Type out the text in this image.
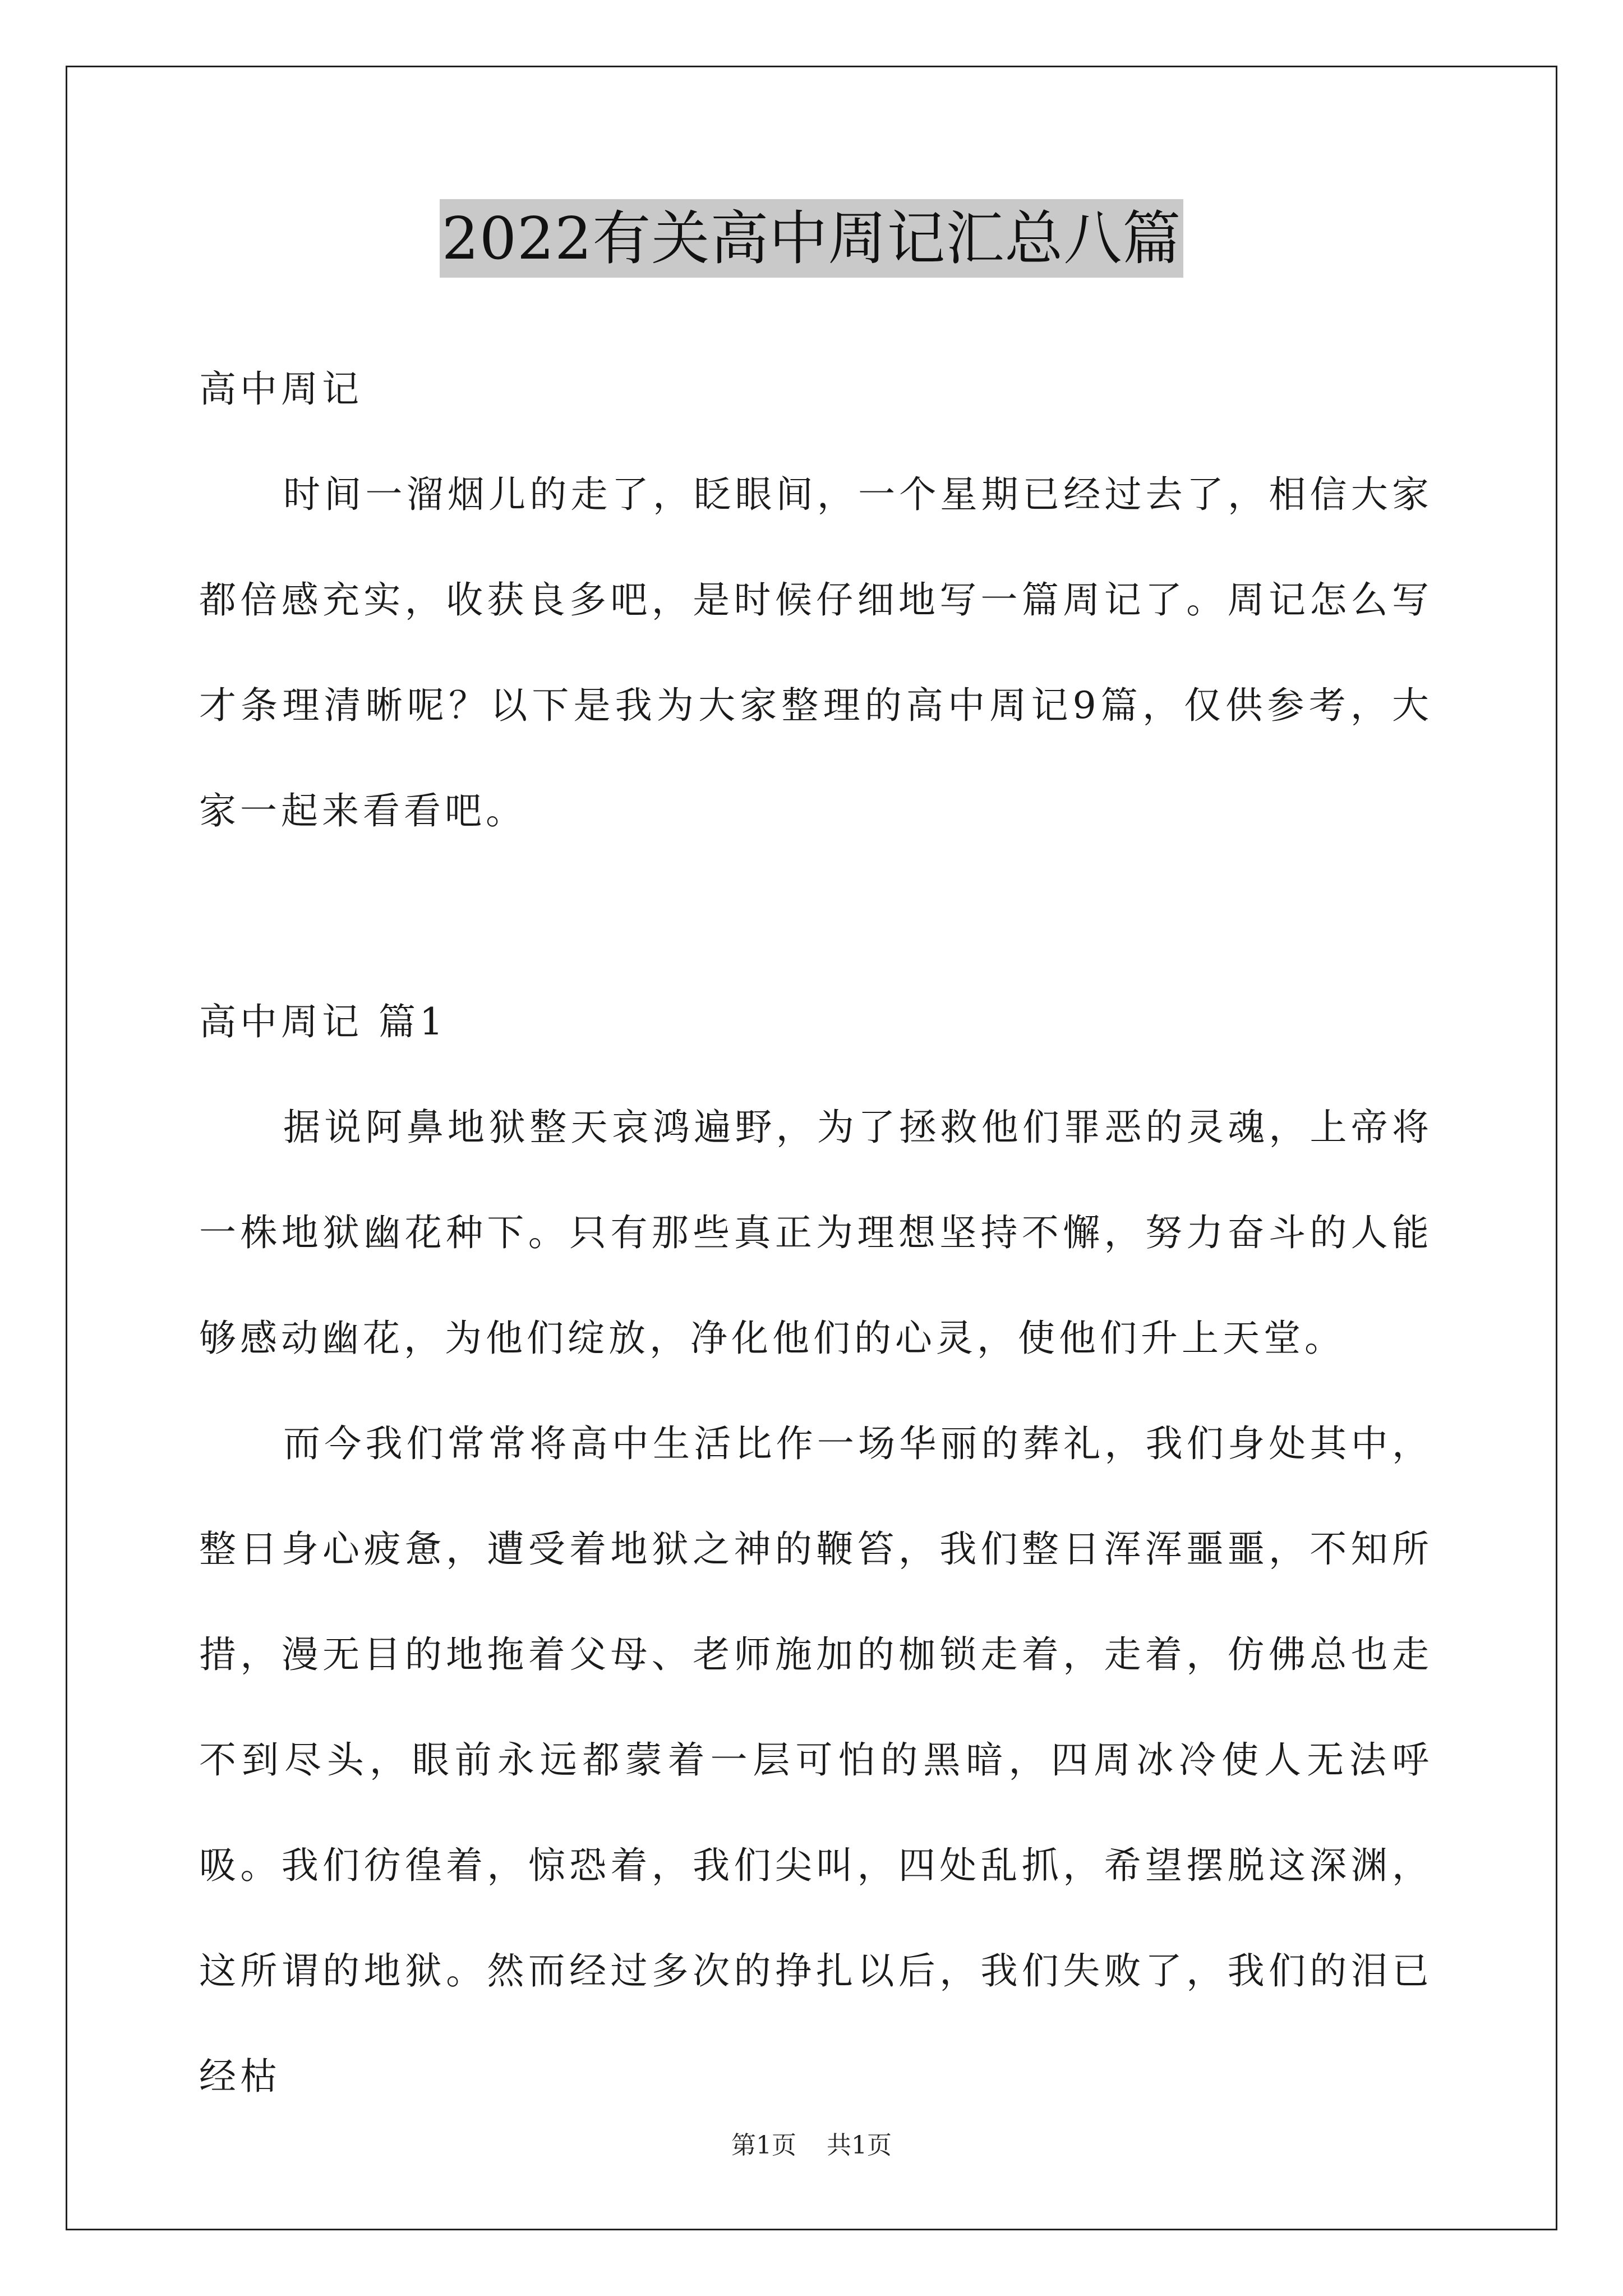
2022有关高中周记汇总八篇

高中周记

时间一溜烟儿的走了，眨眼间，一个星期已经过去了，相信大家都倍感充实，收获良多吧，是时候仔细地写一篇周记了。周记怎么写才条理清晰呢？以下是我为大家整理的高中周记9篇，仅供参考，大家一起来看看吧。

高中周记 篇1

据说阿鼻地狱整天哀鸿遍野，为了拯救他们罪恶的灵魂，上帝将一株地狱幽花种下。只有那些真正为理想坚持不懈，努力奋斗的人能够感动幽花，为他们绽放，净化他们的心灵，使他们升上天堂。

而今我们常常将高中生活比作一场华丽的葬礼，我们身处其中，整日身心疲惫，遭受着地狱之神的鞭笞，我们整日浑浑噩噩，不知所措，漫无目的地拖着父母、老师施加的枷锁走着，走着，仿佛总也走不到尽头，眼前永远都蒙着一层可怕的黑暗，四周冰冷使人无法呼吸。我们彷徨着，惊恐着，我们尖叫，四处乱抓，希望摆脱这深渊，这所谓的地狱。然而经过多次的挣扎以后，我们失败了，我们的泪已经枯

第1页 共1页
